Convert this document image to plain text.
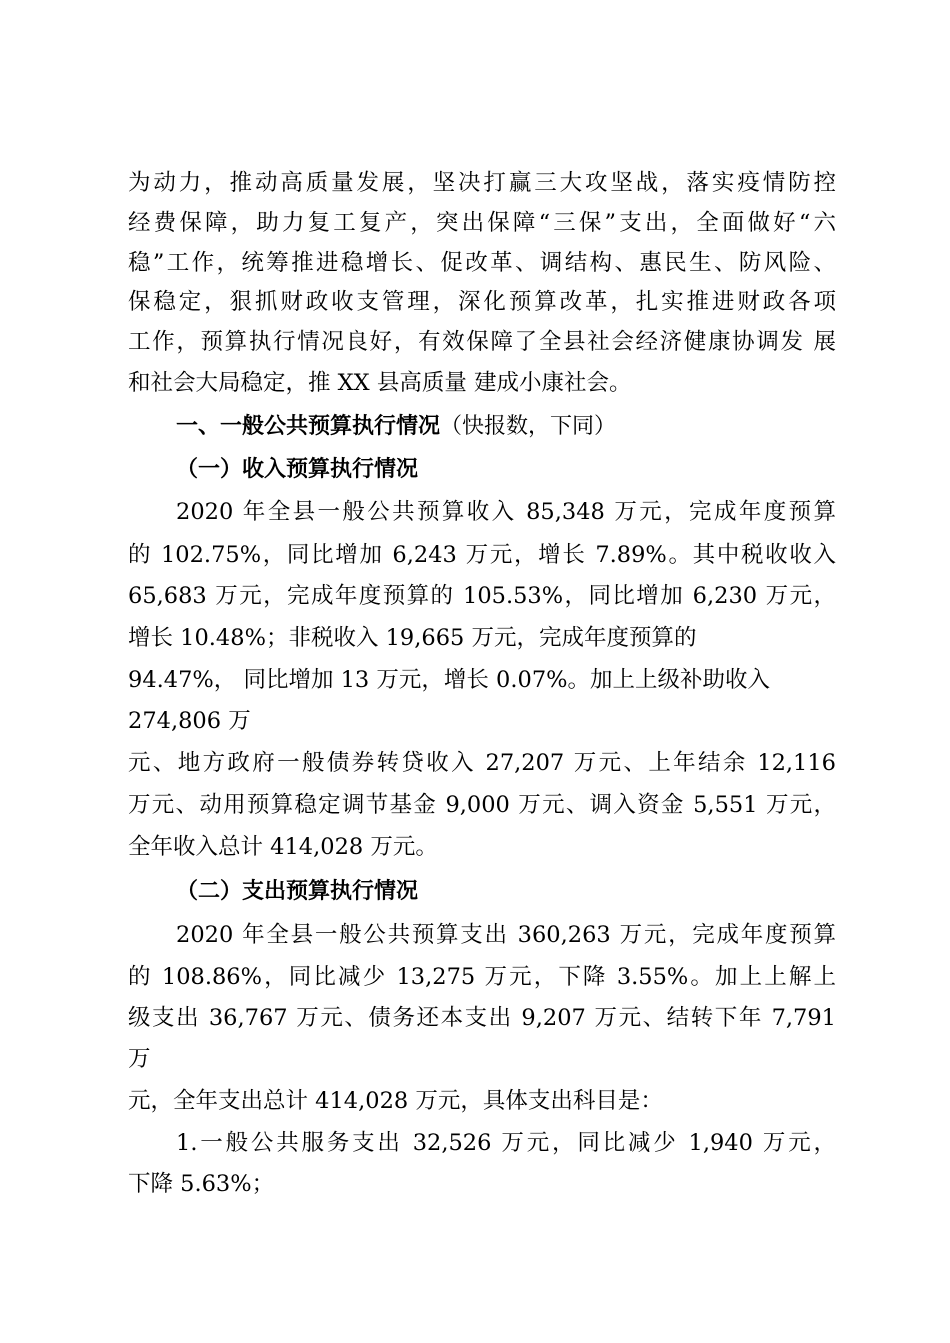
为动力，推动高质量发展，坚决打赢三大攻坚战，落实疫情防控
经费保障，助力复工复产，突出保障“三保”支出，全面做好“六
稳”工作，统筹推进稳增长、促改革、调结构、惠民生、防风险、
保稳定，狠抓财政收支管理，深化预算改革，扎实推进财政各项
工作，预算执行情况良好，有效保障了全县社会经济健康协调发 展
和社会大局稳定，推 XX 县高质量 建成小康社会。
一、一般公共预算执行情况（快报数，下同）
（一）收入预算执行情况
2020 年全县一般公共预算收入 85,348 万元，完成年度预算
的 102.75%，同比增加 6,243 万元，增长 7.89%。其中税收收入
65,683 万元，完成年度预算的 105.53%，同比增加 6,230 万元，
增长 10.48%；非税收入 19,665 万元，完成年度预算的
94.47%， 同比增加 13 万元，增长 0.07%。加上上级补助收入
274,806 万
元、地方政府一般债券转贷收入 27,207 万元、上年结余 12,116
万元、动用预算稳定调节基金 9,000 万元、调入资金 5,551 万元，
全年收入总计 414,028 万元。
（二）支出预算执行情况
2020 年全县一般公共预算支出 360,263 万元，完成年度预算
的 108.86%，同比减少 13,275 万元，下降 3.55%。加上上解上
级支出 36,767 万元、债务还本支出 9,207 万元、结转下年 7,791
万
元，全年支出总计 414,028 万元，具体支出科目是：
1.一般公共服务支出 32,526 万元，同比减少 1,940 万元，
下降 5.63%；
